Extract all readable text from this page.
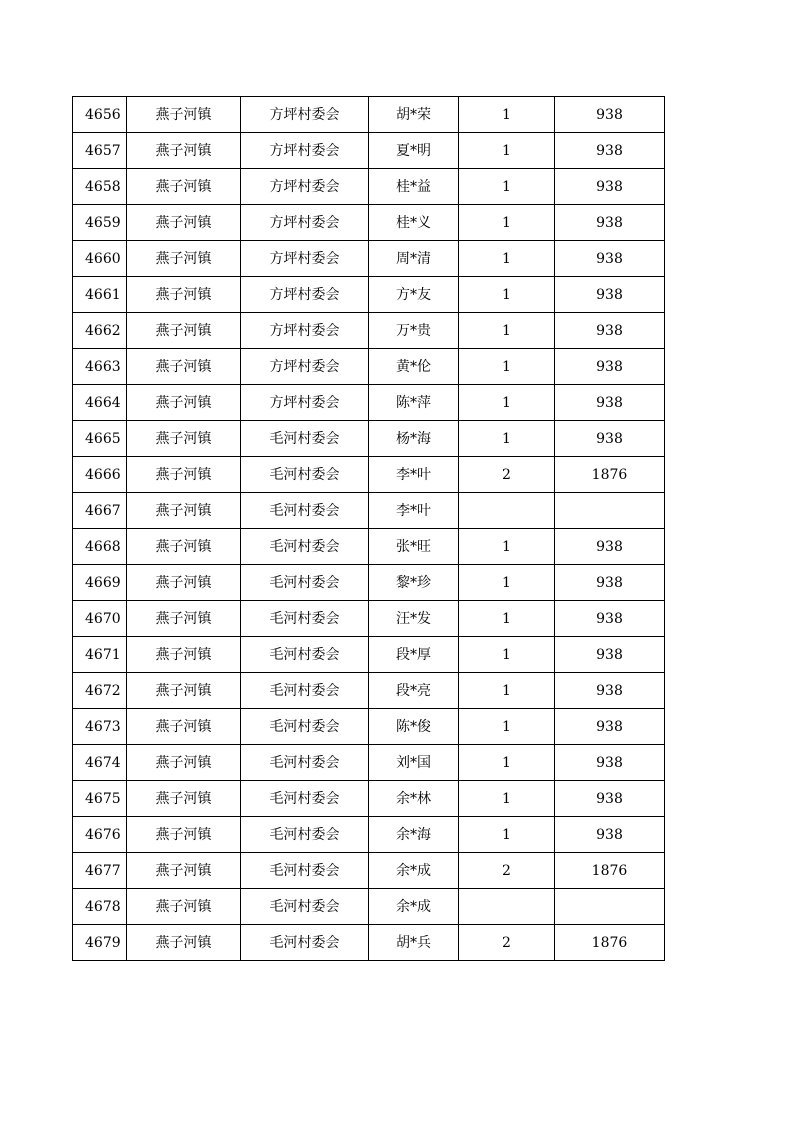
4656	燕子河镇	方坪村委会	胡*荣	1	938
4657	燕子河镇	方坪村委会	夏*明	1	938
4658	燕子河镇	方坪村委会	桂*益	1	938
4659	燕子河镇	方坪村委会	桂*义	1	938
4660	燕子河镇	方坪村委会	周*清	1	938
4661	燕子河镇	方坪村委会	方*友	1	938
4662	燕子河镇	方坪村委会	万*贵	1	938
4663	燕子河镇	方坪村委会	黄*伦	1	938
4664	燕子河镇	方坪村委会	陈*萍	1	938
4665	燕子河镇	毛河村委会	杨*海	1	938
4666	燕子河镇	毛河村委会	李*叶	2	1876
4667	燕子河镇	毛河村委会	李*叶		
4668	燕子河镇	毛河村委会	张*旺	1	938
4669	燕子河镇	毛河村委会	黎*珍	1	938
4670	燕子河镇	毛河村委会	汪*发	1	938
4671	燕子河镇	毛河村委会	段*厚	1	938
4672	燕子河镇	毛河村委会	段*亮	1	938
4673	燕子河镇	毛河村委会	陈*俊	1	938
4674	燕子河镇	毛河村委会	刘*国	1	938
4675	燕子河镇	毛河村委会	余*林	1	938
4676	燕子河镇	毛河村委会	余*海	1	938
4677	燕子河镇	毛河村委会	余*成	2	1876
4678	燕子河镇	毛河村委会	余*成		
4679	燕子河镇	毛河村委会	胡*兵	2	1876
